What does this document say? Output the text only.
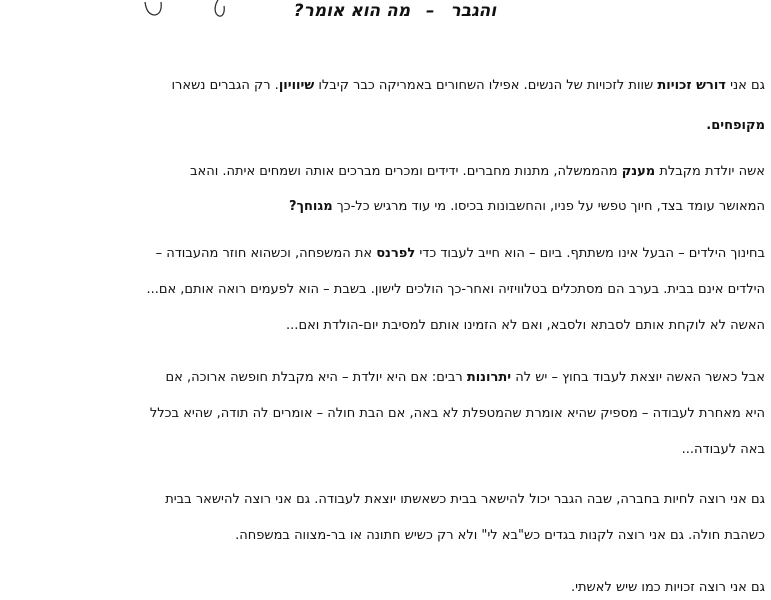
והגבר – מה הוא אומר?
גם אני דורש זכויות שוות לזכויות של הנשים. אפילו השחורים באמריקה כבר קיבלו שיוויון. רק הגברים נשארו
מקופחים.
אשה יולדת מקבלת מענק מהממשלה, מתנות מחברים. ידידים ומכרים מברכים אותה ושמחים איתה. והאב
המאושר עומד בצד, חיוך טפשי על פניו, והחשבונות בכיסו. מי עוד מרגיש כל-כך מגוחך?
בחינוך הילדים – הבעל אינו משתתף. ביום – הוא חייב לעבוד כדי לפרנס את המשפחה, וכשהוא חוזר מהעבודה –
הילדים אינם בבית. בערב הם מסתכלים בטלוויזיה ואחר-כך הולכים לישון. בשבת – הוא לפעמים רואה אותם, אם...
האשה לא לוקחת אותם לסבתא ולסבא, ואם לא הזמינו אותם למסיבת יום-הולדת ואם...
אבל כאשר האשה יוצאת לעבוד בחוץ – יש לה יתרונות רבים: אם היא יולדת – היא מקבלת חופשה ארוכה, אם
היא מאחרת לעבודה – מספיק שהיא אומרת שהמטפלת לא באה, אם הבת חולה – אומרים לה תודה, שהיא בכלל
באה לעבודה...
גם אני רוצה לחיות בחברה, שבה הגבר יכול להישאר בבית כשאשתו יוצאת לעבודה. גם אני רוצה להישאר בבית
כשהבת חולה. גם אני רוצה לקנות בגדים כש"בא לי" ולא רק כשיש חתונה או בר-מצווה במשפחה.
גם אני רוצה זכויות כמו שיש לאשתי.
